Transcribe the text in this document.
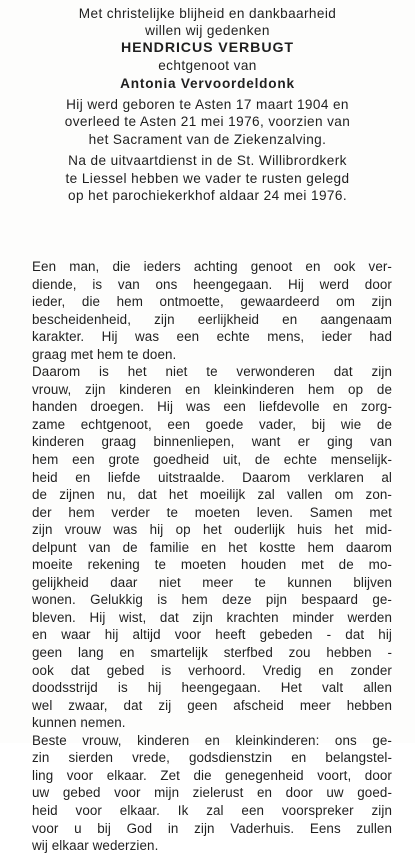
Met christelijke blijheid en dankbaarheid
willen wij gedenken
HENDRICUS VERBUGT
echtgenoot van
Antonia Vervoordeldonk
Hij werd geboren te Asten 17 maart 1904 en
overleed te Asten 21 mei 1976, voorzien van
het Sacrament van de Ziekenzalving.
Na de uitvaartdienst in de St. Willibrordkerk
te Liessel hebben we vader te rusten gelegd
op het parochiekerkhof aldaar 24 mei 1976.
Een man, die ieders achting genoot en ook ver-
diende, is van ons heengegaan. Hij werd door
ieder, die hem ontmoette, gewaardeerd om zijn
bescheidenheid, zijn eerlijkheid en aangenaam
karakter. Hij was een echte mens, ieder had
graag met hem te doen.
Daarom is het niet te verwonderen dat zijn
vrouw, zijn kinderen en kleinkinderen hem op de
handen droegen. Hij was een liefdevolle en zorg-
zame echtgenoot, een goede vader, bij wie de
kinderen graag binnenliepen, want er ging van
hem een grote goedheid uit, de echte menselijk-
heid en liefde uitstraalde. Daarom verklaren al
de zijnen nu, dat het moeilijk zal vallen om zon-
der hem verder te moeten leven. Samen met
zijn vrouw was hij op het ouderlijk huis het mid-
delpunt van de familie en het kostte hem daarom
moeite rekening te moeten houden met de mo-
gelijkheid daar niet meer te kunnen blijven
wonen. Gelukkig is hem deze pijn bespaard ge-
bleven. Hij wist, dat zijn krachten minder werden
en waar hij altijd voor heeft gebeden - dat hij
geen lang en smartelijk sterfbed zou hebben -
ook dat gebed is verhoord. Vredig en zonder
doodsstrijd is hij heengegaan. Het valt allen
wel zwaar, dat zij geen afscheid meer hebben
kunnen nemen.
Beste vrouw, kinderen en kleinkinderen: ons ge-
zin sierden vrede, godsdienstzin en belangstel-
ling voor elkaar. Zet die genegenheid voort, door
uw gebed voor mijn zielerust en door uw goed-
heid voor elkaar. Ik zal een voorspreker zijn
voor u bij God in zijn Vaderhuis. Eens zullen
wij elkaar wederzien.
